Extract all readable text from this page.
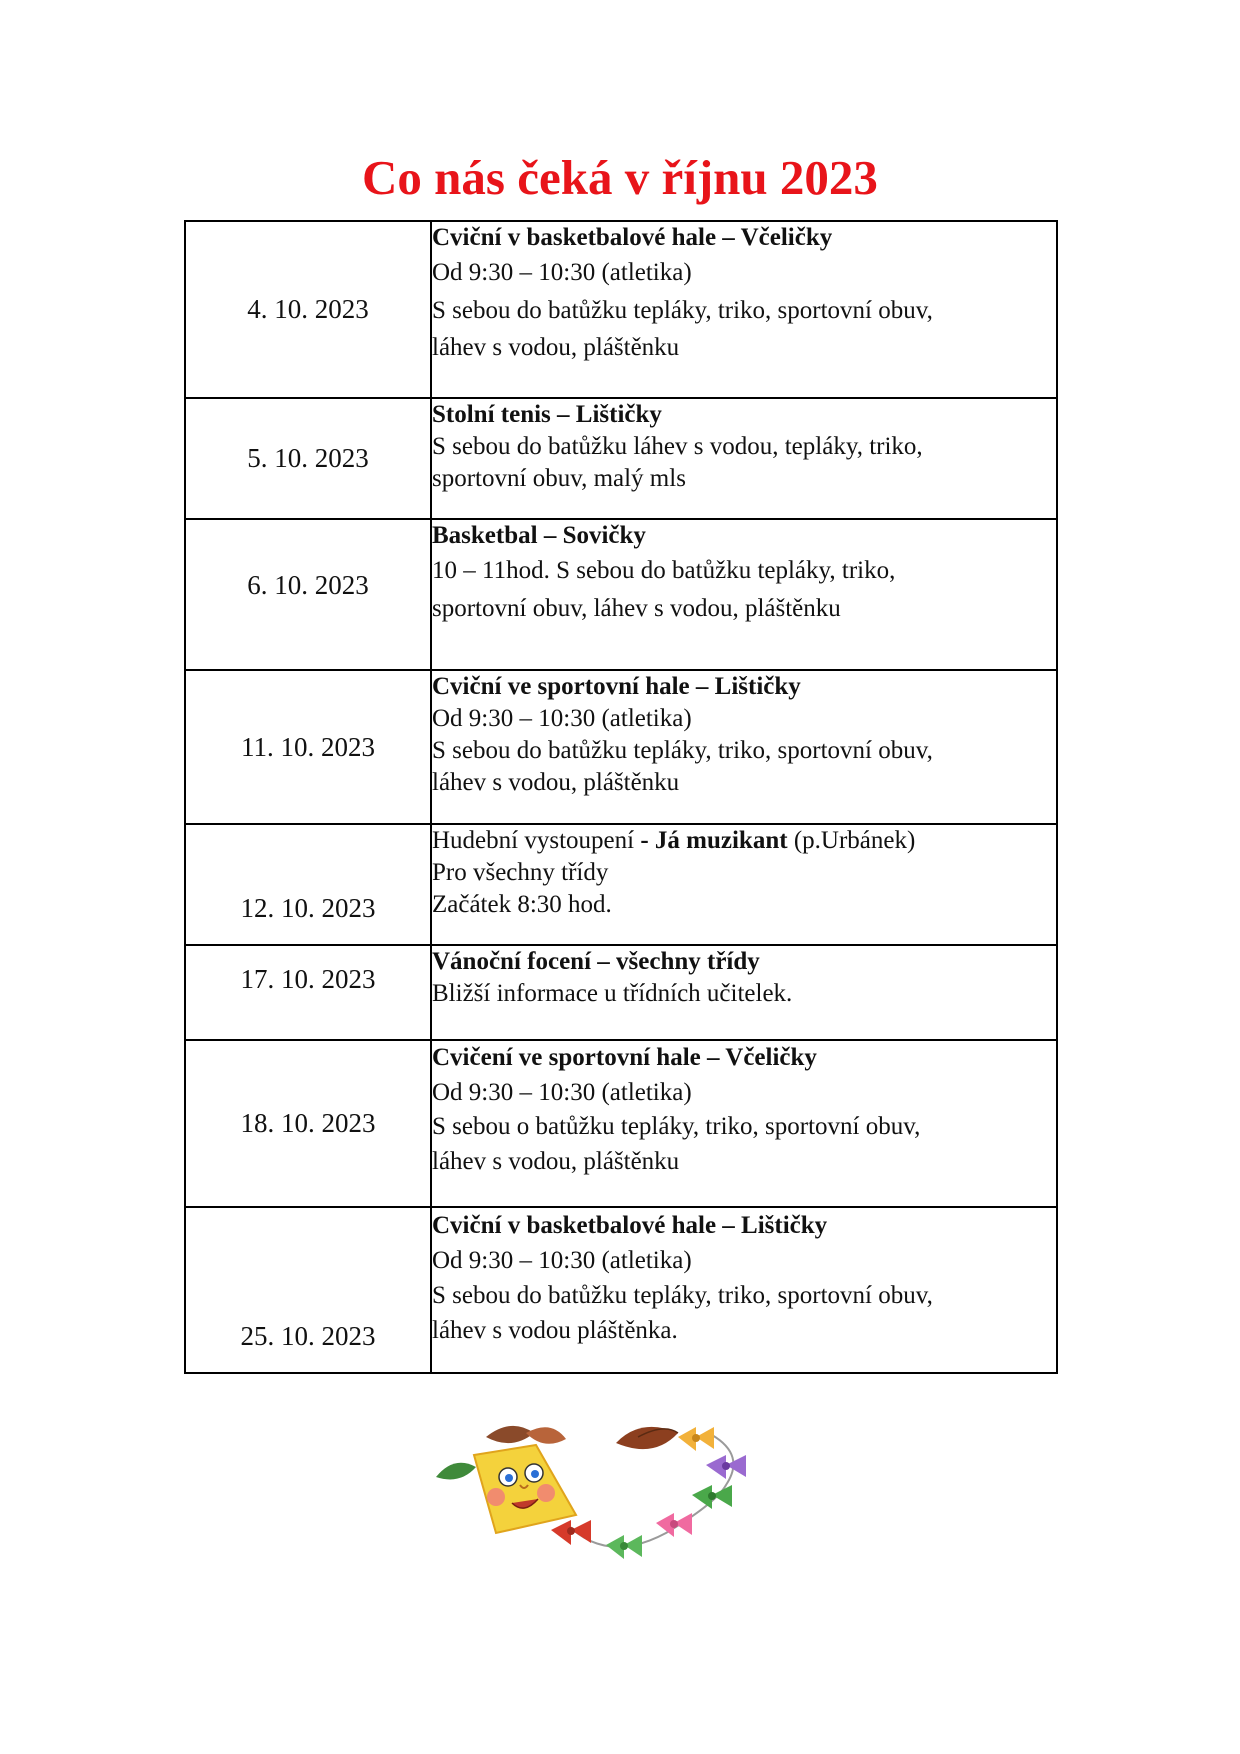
Co nás čeká v říjnu 2023
4. 10. 2023	Cviční v basketbalové hale – Včeličky
Od 9:30 – 10:30 (atletika)
S sebou do batůžku tepláky, triko, sportovní obuv,
láhev s vodou, pláštěnku

5. 10. 2023	Stolní tenis – Lištičky
S sebou do batůžku láhev s vodou, tepláky, triko,
sportovní obuv, malý mls

6. 10. 2023	Basketbal – Sovičky
10 – 11hod. S sebou do batůžku tepláky, triko,
sportovní obuv, láhev s vodou, pláštěnku

11. 10. 2023	Cviční ve sportovní hale – Lištičky
Od 9:30 – 10:30 (atletika)
S sebou do batůžku tepláky, triko, sportovní obuv,
láhev s vodou, pláštěnku

12. 10. 2023	Hudební vystoupení - Já muzikant (p.Urbánek)
Pro všechny třídy
Začátek 8:30 hod.

17. 10. 2023	Vánoční focení – všechny třídy
Bližší informace u třídních učitelek.

18. 10. 2023	Cvičení ve sportovní hale – Včeličky
Od 9:30 – 10:30 (atletika)
S sebou o batůžku tepláky, triko, sportovní obuv,
láhev s vodou, pláštěnku

25. 10. 2023	Cviční v basketbalové hale – Lištičky
Od 9:30 – 10:30 (atletika)
S sebou do batůžku tepláky, triko, sportovní obuv,
láhev s vodou pláštěnka.
